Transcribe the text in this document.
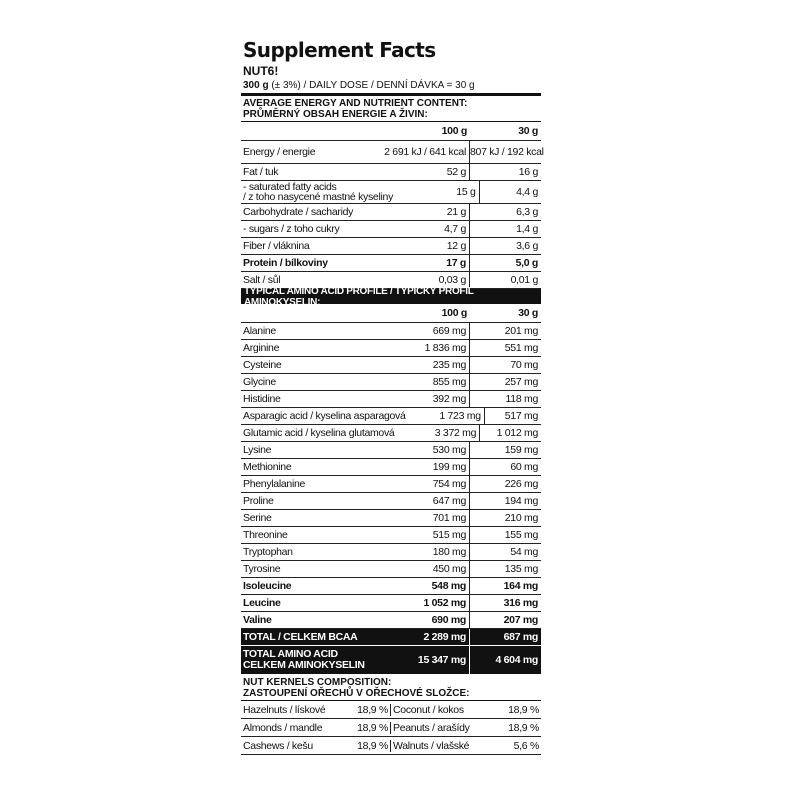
Supplement Facts
NUT6!
300 g (± 3%) / DAILY DOSE / DENNÍ DÁVKA = 30 g
AVERAGE ENERGY AND NUTRIENT CONTENT:
PRŮMĚRNÝ OBSAH ENERGIE A ŽIVIN:
100 g	30 g
Energy / energie	2 691 kJ / 641 kcal 807 kJ / 192 kcal
Fat / tuk	52 g	16 g
- saturated fatty acids
/ z toho nasycené mastné kyseliny	15 g	4,4 g
Carbohydrate / sacharidy	21 g	6,3 g
- sugars / z toho cukry	4,7 g	1,4 g
Fiber / vláknina	12 g	3,6 g
Protein / bílkoviny	17 g	5,0 g
Salt / sůl	0,03 g	0,01 g
TYPICAL AMINO ACID PROFILE / TYPICKÝ PROFIL AMINOKYSELIN:
100 g	30 g
Alanine	669 mg	201 mg
Arginine	1 836 mg	551 mg
Cysteine	235 mg	70 mg
Glycine	855 mg	257 mg
Histidine	392 mg	118 mg
Asparagic acid / kyselina asparagová	1 723 mg	517 mg
Glutamic acid / kyselina glutamová	3 372 mg	1 012 mg
Lysine	530 mg	159 mg
Methionine	199 mg	60 mg
Phenylalanine	754 mg	226 mg
Proline	647 mg	194 mg
Serine	701 mg	210 mg
Threonine	515 mg	155 mg
Tryptophan	180 mg	54 mg
Tyrosine	450 mg	135 mg
Isoleucine	548 mg	164 mg
Leucine	1 052 mg	316 mg
Valine	690 mg	207 mg
TOTAL / CELKEM BCAA	2 289 mg	687 mg
TOTAL AMINO ACID
CELKEM AMINOKYSELIN	15 347 mg	4 604 mg
NUT KERNELS COMPOSITION:
ZASTOUPENÍ OŘECHŮ V OŘECHOVÉ SLOŽCE:
Hazelnuts / lískové	18,9 % Coconut / kokos	18,9 %
Almonds / mandle	18,9 % Peanuts / arašídy	18,9 %
Cashews / kešu	18,9 % Walnuts / vlašské	5,6 %
